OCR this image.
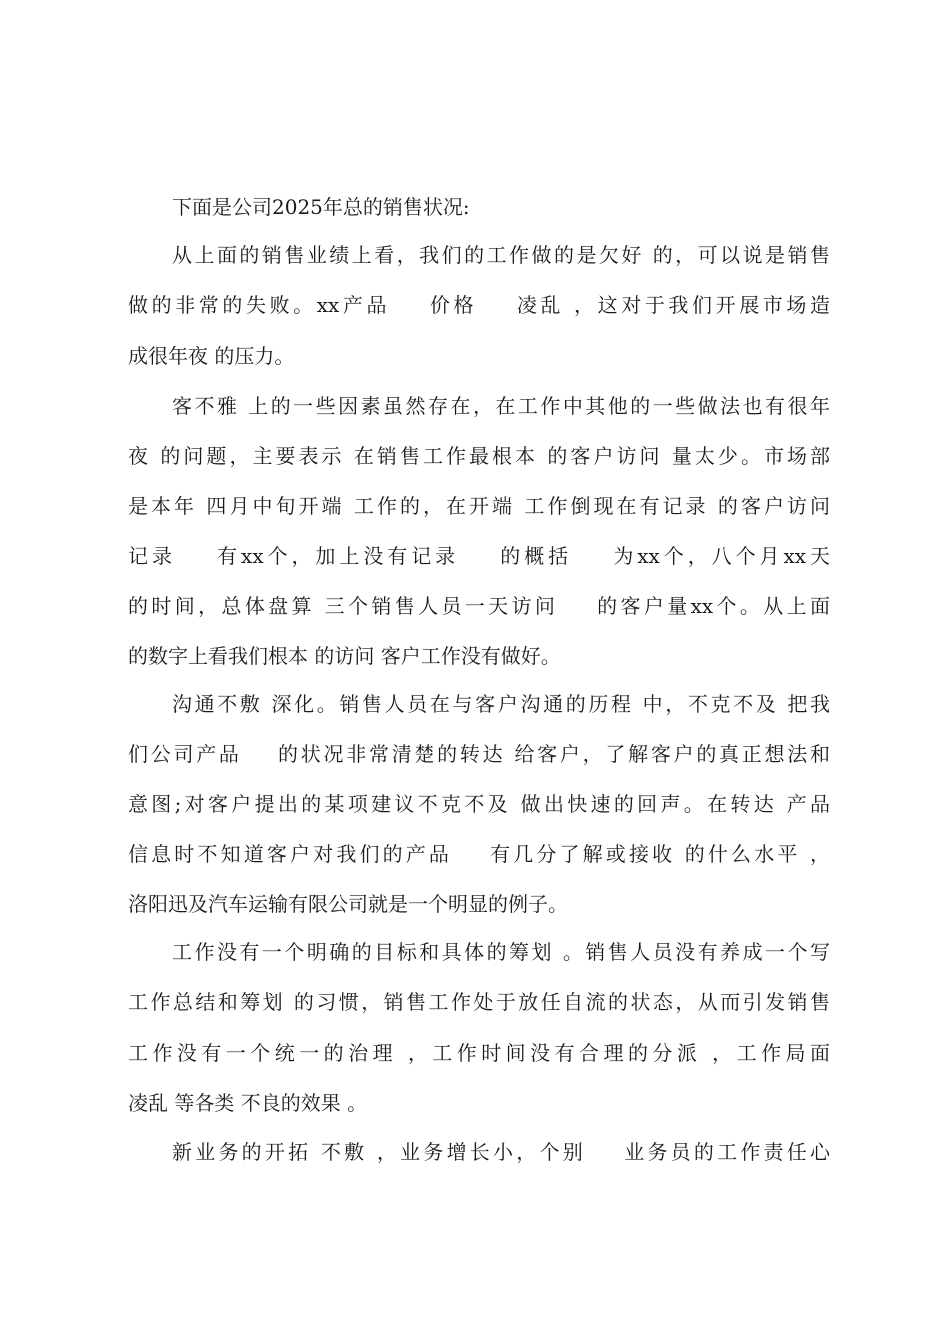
下面是公司2025年总的销售状况:
从上面的销售业绩上看，我们的工作做的是欠好 的，可以说是销售
做的非常的失败。xx产品    价格    凌乱 ，这对于我们开展市场造
成很年夜 的压力。
客不雅 上的一些因素虽然存在，在工作中其他的一些做法也有很年
夜 的问题，主要表示 在销售工作最根本 的客户访问 量太少。市场部
是本年 四月中旬开端 工作的，在开端 工作倒现在有记录 的客户访问
记录    有xx个，加上没有记录    的概括    为xx个，八个月xx天
的时间，总体盘算 三个销售人员一天访问    的客户量xx个。从上面
的数字上看我们根本 的访问 客户工作没有做好。
沟通不敷 深化。销售人员在与客户沟通的历程 中，不克不及 把我
们公司产品    的状况非常清楚的转达 给客户，了解客户的真正想法和
意图;对客户提出的某项建议不克不及 做出快速的回声。在转达 产品
信息时不知道客户对我们的产品    有几分了解或接收 的什么水平 ，
洛阳迅及汽车运输有限公司就是一个明显的例子。
工作没有一个明确的目标和具体的筹划 。销售人员没有养成一个写
工作总结和筹划 的习惯，销售工作处于放任自流的状态，从而引发销售
工作没有一个统一的治理 ，工作时间没有合理的分派 ，工作局面
凌乱 等各类 不良的效果 。
新业务的开拓 不敷 ，业务增长小，个别    业务员的工作责任心
